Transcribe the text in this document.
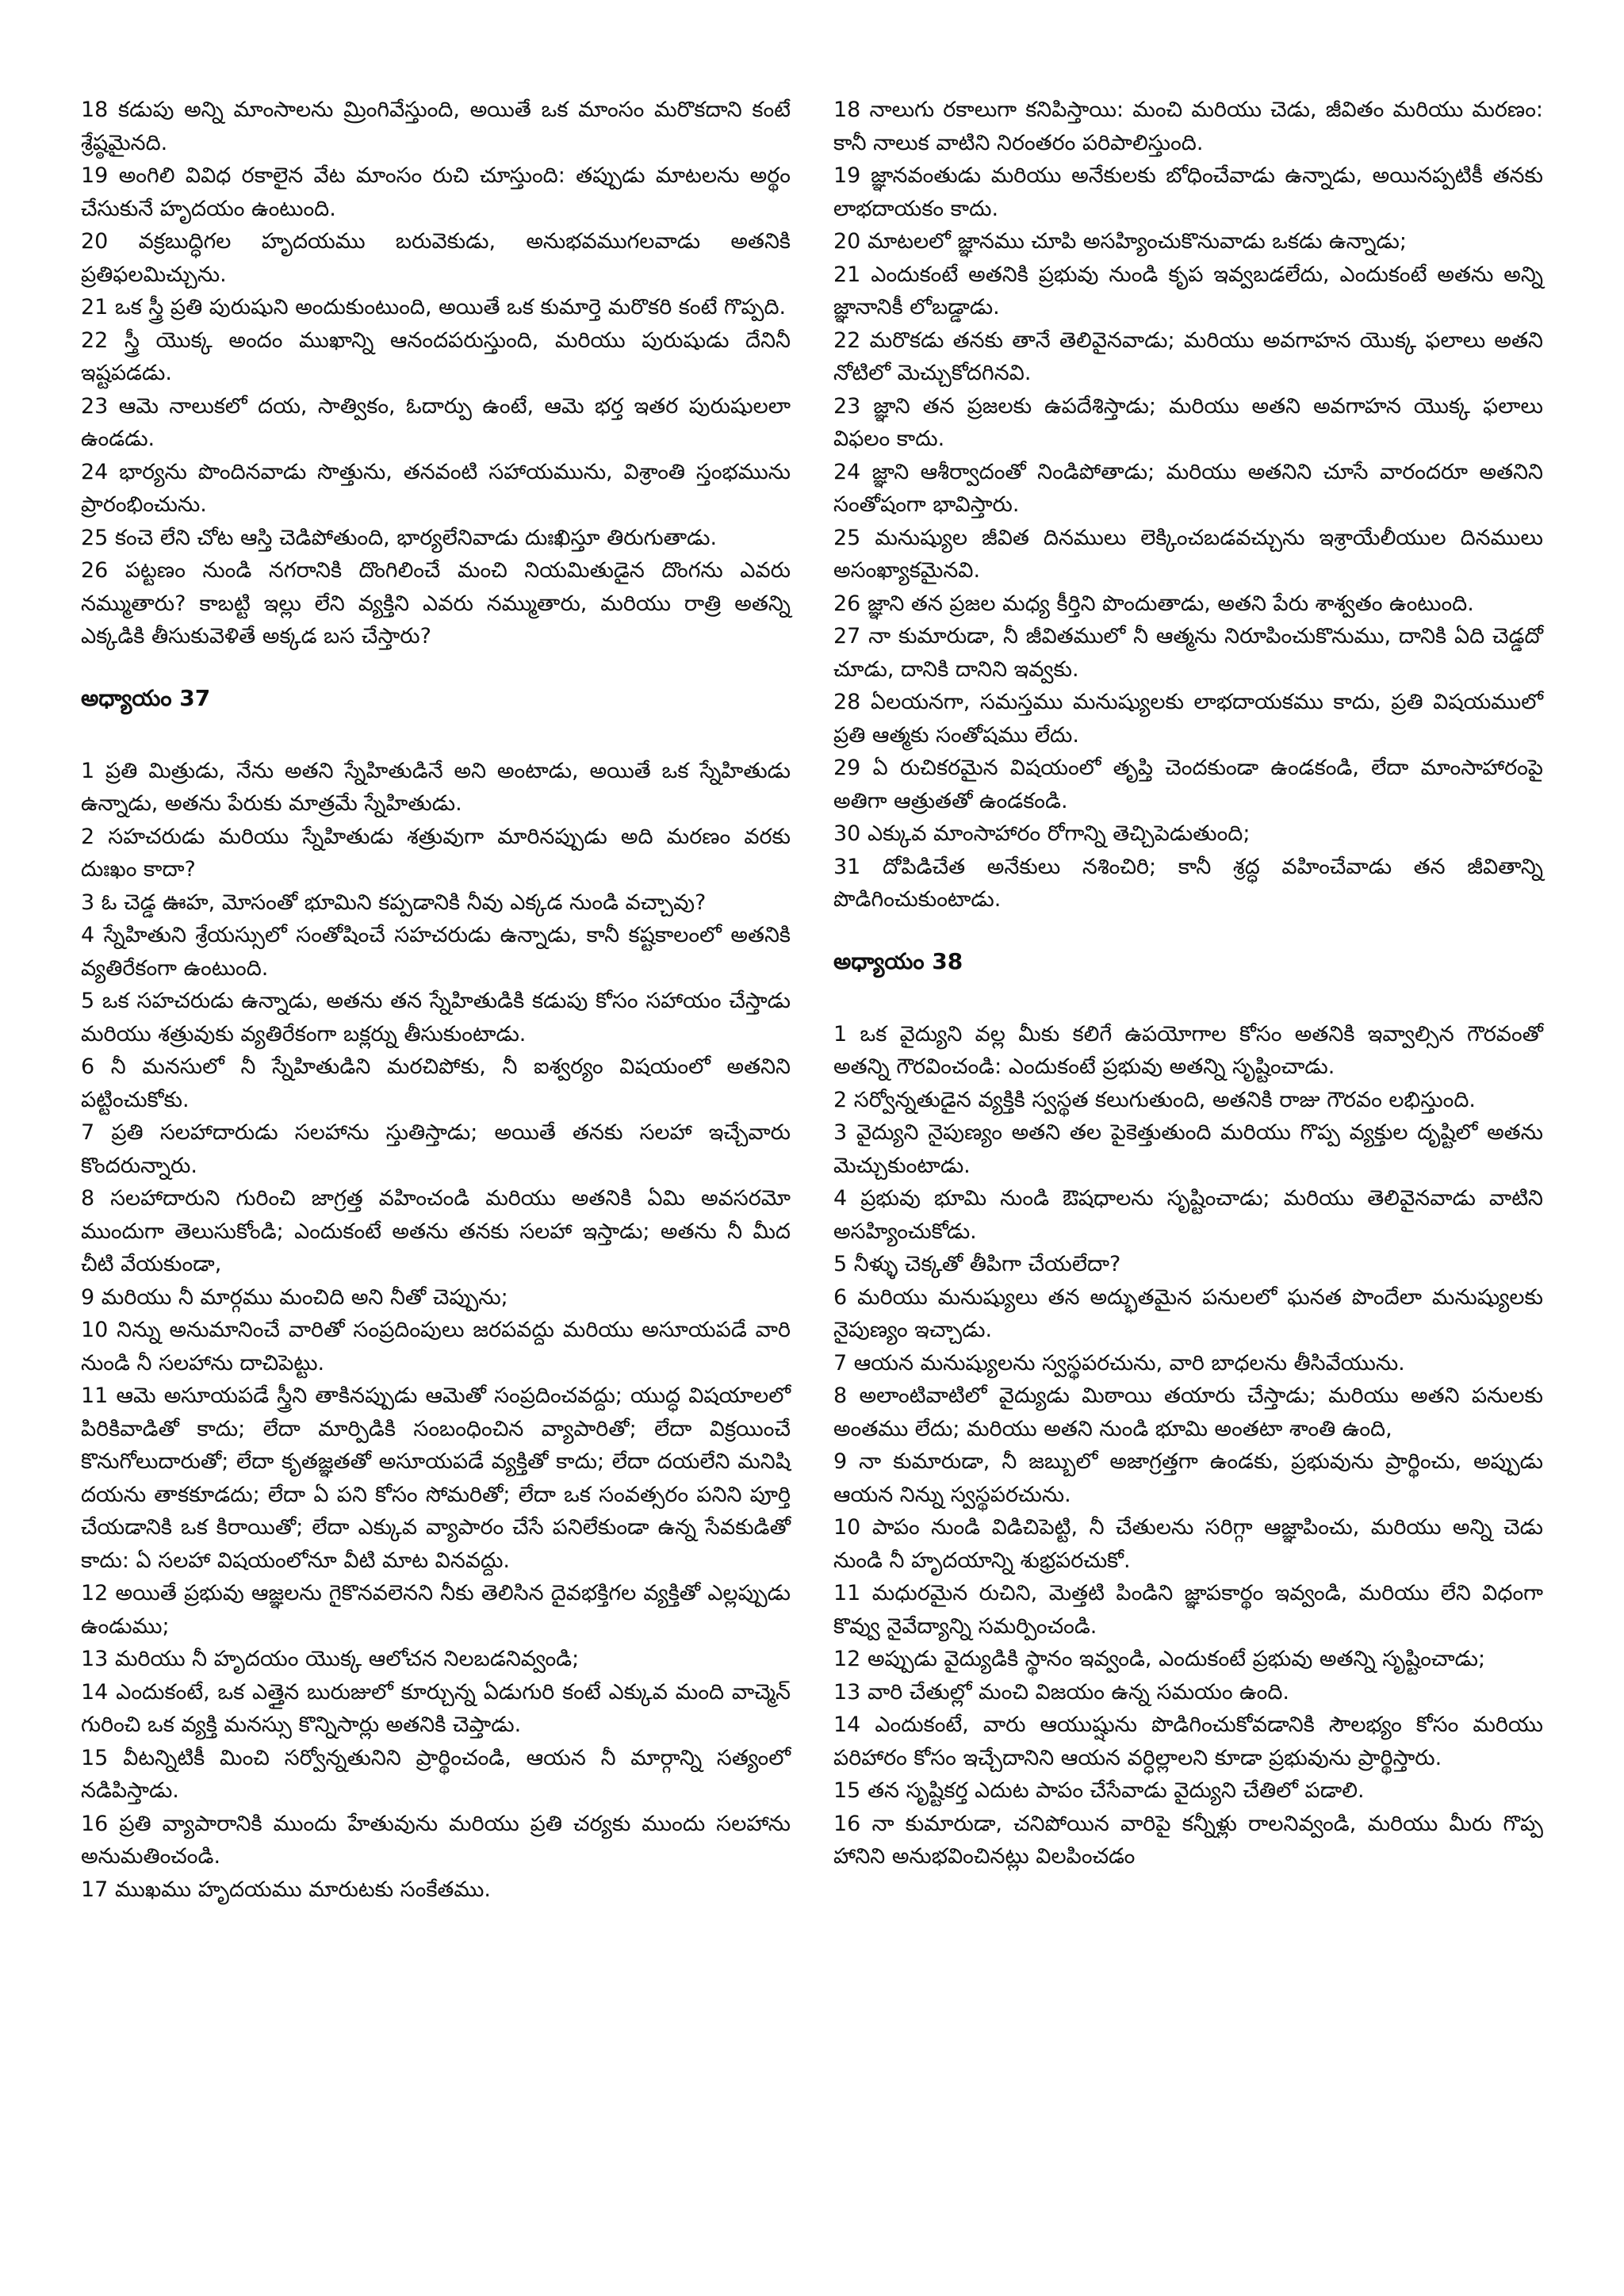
18 కడుపు అన్ని మాంసాలను మ్రింగివేస్తుంది, అయితే ఒక మాంసం మరొకదాని కంటే శ్రేష్ఠమైనది.

19 అంగిలి వివిధ రకాలైన వేట మాంసం రుచి చూస్తుంది: తప్పుడు మాటలను అర్థం చేసుకునే హృదయం ఉంటుంది.

20 వక్రబుద్ధిగల హృదయము బరువెకుడు, అనుభవముగలవాడు అతనికి ప్రతిఫలమిచ్చును.

21 ఒక స్త్రీ ప్రతి పురుషుని అందుకుంటుంది, అయితే ఒక కుమార్తె మరొకరి కంటే గొప్పది.

22 స్త్రీ యొక్క అందం ముఖాన్ని ఆనందపరుస్తుంది, మరియు పురుషుడు దేనినీ ఇష్టపడడు.

23 ఆమె నాలుకలో దయ, సాత్వికం, ఓదార్పు ఉంటే, ఆమె భర్త ఇతర పురుషులలా ఉండడు.

24 భార్యను పొందినవాడు సొత్తును, తనవంటి సహాయమును, విశ్రాంతి స్తంభమును ప్రారంభించును.

25 కంచె లేని చోట ఆస్తి చెడిపోతుంది, భార్యలేనివాడు దుఃఖిస్తూ తిరుగుతాడు.

26 పట్టణం నుండి నగరానికి దొంగిలించే మంచి నియమితుడైన దొంగను ఎవరు నమ్ముతారు? కాబట్టి ఇల్లు లేని వ్యక్తిని ఎవరు నమ్ముతారు, మరియు రాత్రి అతన్ని ఎక్కడికి తీసుకువెళితే అక్కడ బస చేస్తారు?

అధ్యాయం 37

1 ప్రతి మిత్రుడు, నేను అతని స్నేహితుడినే అని అంటాడు, అయితే ఒక స్నేహితుడు ఉన్నాడు, అతను పేరుకు మాత్రమే స్నేహితుడు.

2 సహచరుడు మరియు స్నేహితుడు శత్రువుగా మారినప్పుడు అది మరణం వరకు దుఃఖం కాదా?

3 ఓ చెడ్డ ఊహ, మోసంతో భూమిని కప్పడానికి నీవు ఎక్కడ నుండి వచ్చావు?

4 స్నేహితుని శ్రేయస్సులో సంతోషించే సహచరుడు ఉన్నాడు, కానీ కష్టకాలంలో అతనికి వ్యతిరేకంగా ఉంటుంది.

5 ఒక సహచరుడు ఉన్నాడు, అతను తన స్నేహితుడికి కడుపు కోసం సహాయం చేస్తాడు మరియు శత్రువుకు వ్యతిరేకంగా బక్లర్ను తీసుకుంటాడు.

6 నీ మనసులో నీ స్నేహితుడిని మరచిపోకు, నీ ఐశ్వర్యం విషయంలో అతనిని పట్టించుకోకు.

7 ప్రతి సలహాదారుడు సలహాను స్తుతిస్తాడు; అయితే తనకు సలహా ఇచ్చేవారు కొందరున్నారు.

8 సలహాదారుని గురించి జాగ్రత్త వహించండి మరియు అతనికి ఏమి అవసరమో ముందుగా తెలుసుకోండి; ఎందుకంటే అతను తనకు సలహా ఇస్తాడు; అతను నీ మీద చీటి వేయకుండా,

9 మరియు నీ మార్గము మంచిది అని నీతో చెప్పును;

10 నిన్ను అనుమానించే వారితో సంప్రదింపులు జరపవద్దు మరియు అసూయపడే వారి నుండి నీ సలహాను దాచిపెట్టు.

11 ఆమె అసూయపడే స్త్రీని తాకినప్పుడు ఆమెతో సంప్రదించవద్దు; యుద్ధ విషయాలలో పిరికివాడితో కాదు; లేదా మార్పిడికి సంబంధించిన వ్యాపారితో; లేదా విక్రయించే కొనుగోలుదారుతో; లేదా కృతజ్ఞతతో అసూయపడే వ్యక్తితో కాదు; లేదా దయలేని మనిషి దయను తాకకూడదు; లేదా ఏ పని కోసం సోమరితో; లేదా ఒక సంవత్సరం పనిని పూర్తి చేయడానికి ఒక కిరాయితో; లేదా ఎక్కువ వ్యాపారం చేసే పనిలేకుండా ఉన్న సేవకుడితో కాదు: ఏ సలహా విషయంలోనూ వీటి మాట వినవద్దు.

12 అయితే ప్రభువు ఆజ్ఞలను గైకొనవలెనని నీకు తెలిసిన దైవభక్తిగల వ్యక్తితో ఎల్లప్పుడు ఉండుము;

13 మరియు నీ హృదయం యొక్క ఆలోచన నిలబడనివ్వండి;

14 ఎందుకంటే, ఒక ఎత్తైన బురుజులో కూర్చున్న ఏడుగురి కంటే ఎక్కువ మంది వాచ్మెన్ గురించి ఒక వ్యక్తి మనస్సు కొన్నిసార్లు అతనికి చెప్తాడు.

15 వీటన్నిటికీ మించి సర్వోన్నతునిని ప్రార్థించండి, ఆయన నీ మార్గాన్ని సత్యంలో నడిపిస్తాడు.

16 ప్రతి వ్యాపారానికి ముందు హేతువును మరియు ప్రతి చర్యకు ముందు సలహాను అనుమతించండి.

17 ముఖము హృదయము మారుటకు సంకేతము.

18 నాలుగు రకాలుగా కనిపిస్తాయి: మంచి మరియు చెడు, జీవితం మరియు మరణం: కానీ నాలుక వాటిని నిరంతరం పరిపాలిస్తుంది.

19 జ్ఞానవంతుడు మరియు అనేకులకు బోధించేవాడు ఉన్నాడు, అయినప్పటికీ తనకు లాభదాయకం కాదు.

20 మాటలలో జ్ఞానము చూపి అసహ్యించుకొనువాడు ఒకడు ఉన్నాడు;

21 ఎందుకంటే అతనికి ప్రభువు నుండి కృప ఇవ్వబడలేదు, ఎందుకంటే అతను అన్ని జ్ఞానానికీ లోబడ్డాడు.

22 మరొకడు తనకు తానే తెలివైనవాడు; మరియు అవగాహన యొక్క ఫలాలు అతని నోటిలో మెచ్చుకోదగినవి.

23 జ్ఞాని తన ప్రజలకు ఉపదేశిస్తాడు; మరియు అతని అవగాహన యొక్క ఫలాలు విఫలం కాదు.

24 జ్ఞాని ఆశీర్వాదంతో నిండిపోతాడు; మరియు అతనిని చూసే వారందరూ అతనిని సంతోషంగా భావిస్తారు.

25 మనుష్యుల జీవిత దినములు లెక్కించబడవచ్చును ఇశ్రాయేలీయుల దినములు అసంఖ్యాకమైనవి.

26 జ్ఞాని తన ప్రజల మధ్య కీర్తిని పొందుతాడు, అతని పేరు శాశ్వతం ఉంటుంది.

27 నా కుమారుడా, నీ జీవితములో నీ ఆత్మను నిరూపించుకొనుము, దానికి ఏది చెడ్డదో చూడు, దానికి దానిని ఇవ్వకు.

28 ఏలయనగా, సమస్తము మనుష్యులకు లాభదాయకము కాదు, ప్రతి విషయములో ప్రతి ఆత్మకు సంతోషము లేదు.

29 ఏ రుచికరమైన విషయంలో తృప్తి చెందకుండా ఉండకండి, లేదా మాంసాహారంపై అతిగా ఆత్రుతతో ఉండకండి.

30 ఎక్కువ మాంసాహారం రోగాన్ని తెచ్చిపెడుతుంది;

31 దోపిడిచేత అనేకులు నశించిరి; కానీ శ్రద్ధ వహించేవాడు తన జీవితాన్ని పొడిగించుకుంటాడు.

అధ్యాయం 38

1 ఒక వైద్యుని వల్ల మీకు కలిగే ఉపయోగాల కోసం అతనికి ఇవ్వాల్సిన గౌరవంతో అతన్ని గౌరవించండి: ఎందుకంటే ప్రభువు అతన్ని సృష్టించాడు.

2 సర్వోన్నతుడైన వ్యక్తికి స్వస్థత కలుగుతుంది, అతనికి రాజు గౌరవం లభిస్తుంది.

3 వైద్యుని నైపుణ్యం అతని తల పైకెత్తుతుంది మరియు గొప్ప వ్యక్తుల దృష్టిలో అతను మెచ్చుకుంటాడు.

4 ప్రభువు భూమి నుండి ఔషధాలను సృష్టించాడు; మరియు తెలివైనవాడు వాటిని అసహ్యించుకోడు.

5 నీళ్ళు చెక్కతో తీపిగా చేయలేదా?

6 మరియు మనుష్యులు తన అద్భుతమైన పనులలో ఘనత పొందేలా మనుష్యులకు నైపుణ్యం ఇచ్చాడు.

7 ఆయన మనుష్యులను స్వస్థపరచును, వారి బాధలను తీసివేయును.

8 అలాంటివాటిలో వైద్యుడు మిఠాయి తయారు చేస్తాడు; మరియు అతని పనులకు అంతము లేదు; మరియు అతని నుండి భూమి అంతటా శాంతి ఉంది,

9 నా కుమారుడా, నీ జబ్బులో అజాగ్రత్తగా ఉండకు, ప్రభువును ప్రార్థించు, అప్పుడు ఆయన నిన్ను స్వస్థపరచును.

10 పాపం నుండి విడిచిపెట్టి, నీ చేతులను సరిగ్గా ఆజ్ఞాపించు, మరియు అన్ని చెడు నుండి నీ హృదయాన్ని శుభ్రపరచుకో.

11 మధురమైన రుచిని, మెత్తటి పిండిని జ్ఞాపకార్థం ఇవ్వండి, మరియు లేని విధంగా కొవ్వు నైవేద్యాన్ని సమర్పించండి.

12 అప్పుడు వైద్యుడికి స్థానం ఇవ్వండి, ఎందుకంటే ప్రభువు అతన్ని సృష్టించాడు;

13 వారి చేతుల్లో మంచి విజయం ఉన్న సమయం ఉంది.

14 ఎందుకంటే, వారు ఆయుష్షును పొడిగించుకోవడానికి సౌలభ్యం కోసం మరియు పరిహారం కోసం ఇచ్చేదానిని ఆయన వర్ధిల్లాలని కూడా ప్రభువును ప్రార్థిస్తారు.

15 తన సృష్టికర్త ఎదుట పాపం చేసేవాడు వైద్యుని చేతిలో పడాలి.

16 నా కుమారుడా, చనిపోయిన వారిపై కన్నీళ్లు రాలనివ్వండి, మరియు మీరు గొప్ప హానిని అనుభవించినట్లు విలపించడం
